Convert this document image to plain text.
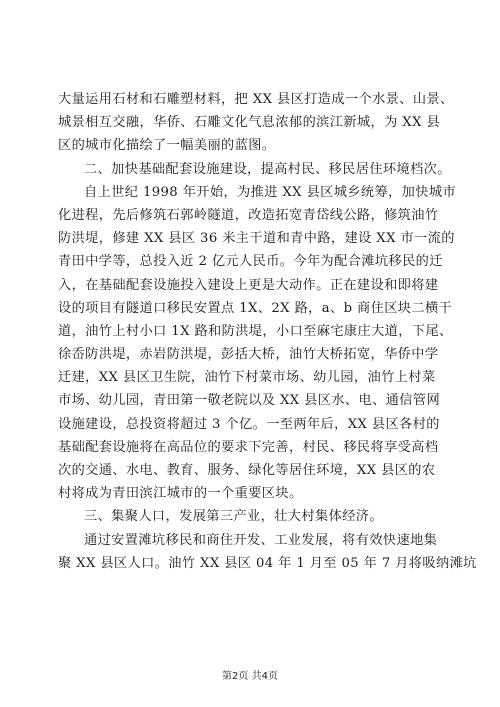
大量运用石材和石雕塑材料，把 XX 县区打造成一个水景、山景、
城景相互交融，华侨、石雕文化气息浓郁的滨江新城，为 XX 县
区的城市化描绘了一幅美丽的蓝图。
二、加快基础配套设施建设，提高村民、移民居住环境档次。
自上世纪 1998 年开始，为推进 XX 县区城乡统筹，加快城市
化进程，先后修筑石郭岭隧道，改造拓宽青岱线公路，修筑油竹
防洪堤，修建 XX 县区 36 米主干道和青中路，建设 XX 市一流的
青田中学等，总投入近 2 亿元人民币。今年为配合滩坑移民的迁
入，在基础配套设施投入建设上更是大动作。正在建设和即将建
设的项目有隧道口移民安置点 1X、2X 路，a、b 商住区块二横干
道，油竹上村小口 1X 路和防洪堤，小口至麻宅康庄大道，下尾、
徐岙防洪堤，赤岩防洪堤，彭括大桥，油竹大桥拓宽，华侨中学
迁建，XX 县区卫生院，油竹下村菜市场、幼儿园，油竹上村菜
市场、幼儿园，青田第一敬老院以及 XX 县区水、电、通信管网
设施建设，总投资将超过 3 个亿。一至两年后，XX 县区各村的
基础配套设施将在高品位的要求下完善，村民、移民将享受高档
次的交通、水电、教育、服务、绿化等居住环境，XX 县区的农
村将成为青田滨江城市的一个重要区块。
三、集聚人口，发展第三产业，壮大村集体经济。
通过安置滩坑移民和商住开发、工业发展，将有效快速地集
聚 XX 县区人口。油竹 XX 县区 04 年 1 月至 05 年 7 月将吸纳滩坑
第2页 共4页
